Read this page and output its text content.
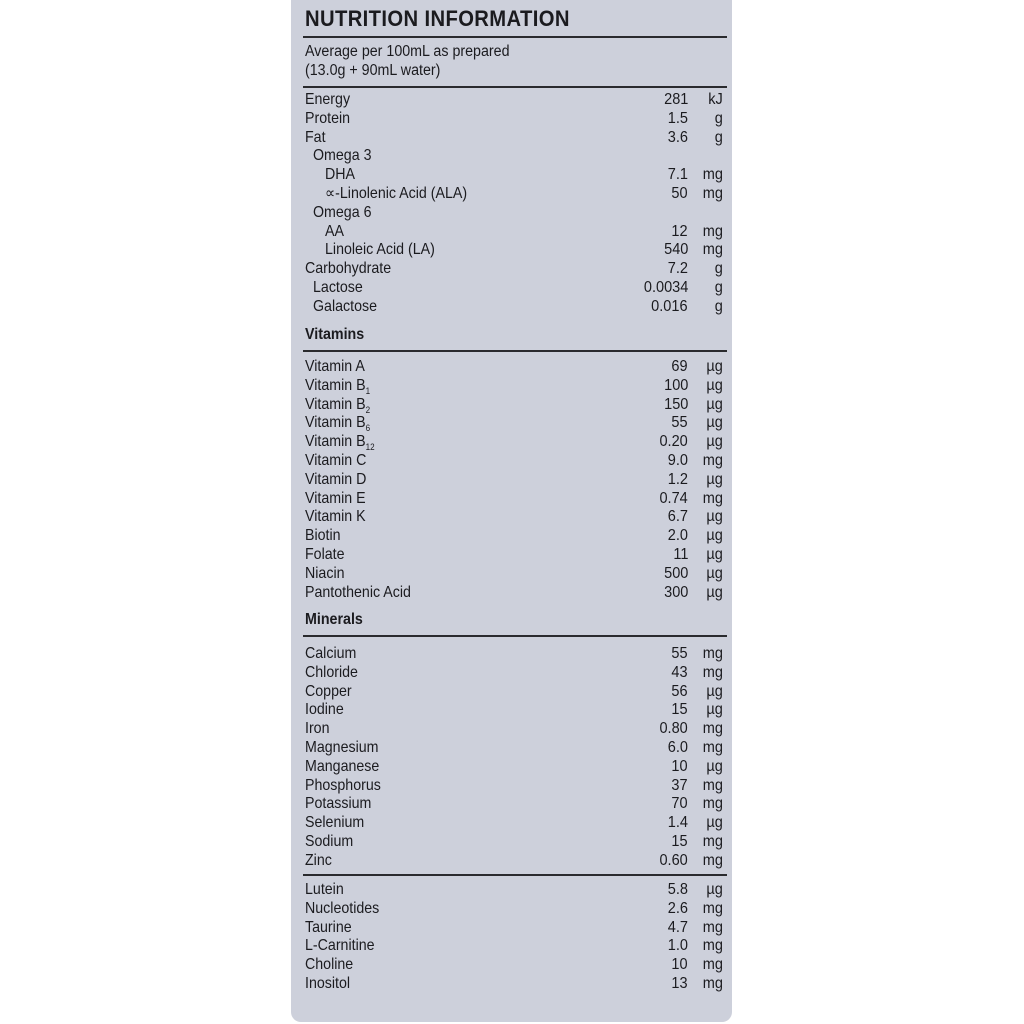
NUTRITION INFORMATION
Average per 100mL as prepared
(13.0g + 90mL water)
Energy	281 kJ
Protein	1.5 g
Fat	3.6 g
Omega 3
DHA	7.1 mg
∝-Linolenic Acid (ALA)	50 mg
Omega 6
AA	12 mg
Linoleic Acid (LA)	540 mg
Carbohydrate	7.2 g
Lactose	0.0034 g
Galactose	0.016 g
Vitamins
Vitamin A	69 µg
Vitamin $B_1$	100 µg
Vitamin $B_2$	150 µg
Vitamin $B_6$	55 µg
Vitamin $B_{12}$	0.20 µg
Vitamin C	9.0 mg
Vitamin D	1.2 µg
Vitamin E	0.74 mg
Vitamin K	6.7 µg
Biotin	2.0 µg
Folate	11 µg
Niacin	500 µg
Pantothenic Acid	300 µg
Minerals
Calcium	55 mg
Chloride	43 mg
Copper	56 µg
Iodine	15 µg
Iron	0.80 mg
Magnesium	6.0 mg
Manganese	10 µg
Phosphorus	37 mg
Potassium	70 mg
Selenium	1.4 µg
Sodium	15 mg
Zinc	0.60 mg
Lutein	5.8 µg
Nucleotides	2.6 mg
Taurine	4.7 mg
L-Carnitine	1.0 mg
Choline	10 mg
Inositol	13 mg
